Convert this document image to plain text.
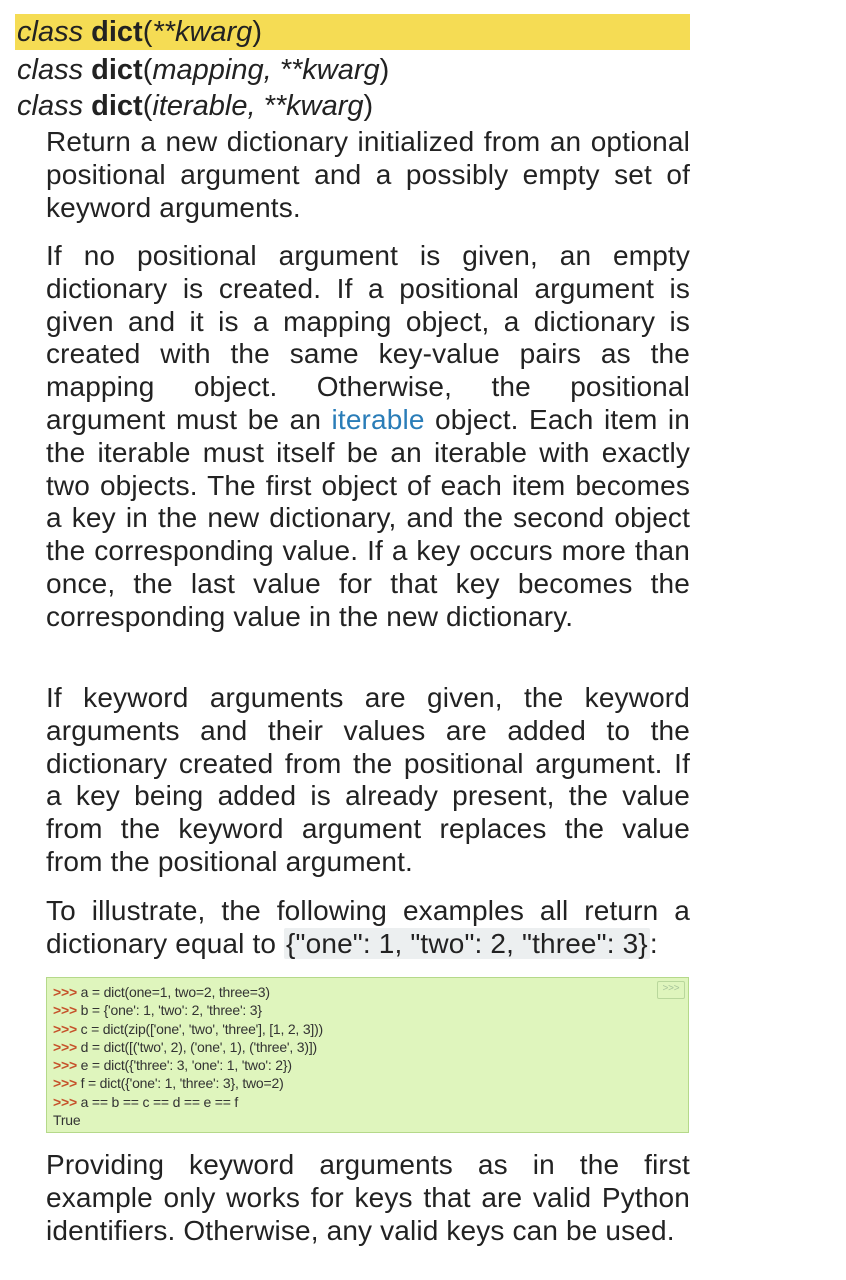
class dict(**kwarg)
class dict(mapping, **kwarg)
class dict(iterable, **kwarg)

Return a new dictionary initialized from an optional positional argument and a possibly empty set of keyword arguments.

If no positional argument is given, an empty dictionary is created. If a positional argument is given and it is a mapping object, a dictionary is created with the same key-value pairs as the mapping object. Otherwise, the positional argument must be an iterable object. Each item in the iterable must itself be an iterable with exactly two objects. The first object of each item becomes a key in the new dictionary, and the second object the corresponding value. If a key occurs more than once, the last value for that key becomes the corresponding value in the new dictionary.

If keyword arguments are given, the keyword arguments and their values are added to the dictionary created from the positional argument. If a key being added is already present, the value from the keyword argument replaces the value from the positional argument.

To illustrate, the following examples all return a dictionary equal to {"one": 1, "two": 2, "three": 3}:

>>>
>>> a = dict(one=1, two=2, three=3)
>>> b = {'one': 1, 'two': 2, 'three': 3}
>>> c = dict(zip(['one', 'two', 'three'], [1, 2, 3]))
>>> d = dict([('two', 2), ('one', 1), ('three', 3)])
>>> e = dict({'three': 3, 'one': 1, 'two': 2})
>>> f = dict({'one': 1, 'three': 3}, two=2)
>>> a == b == c == d == e == f
True

Providing keyword arguments as in the first example only works for keys that are valid Python identifiers. Otherwise, any valid keys can be used.
